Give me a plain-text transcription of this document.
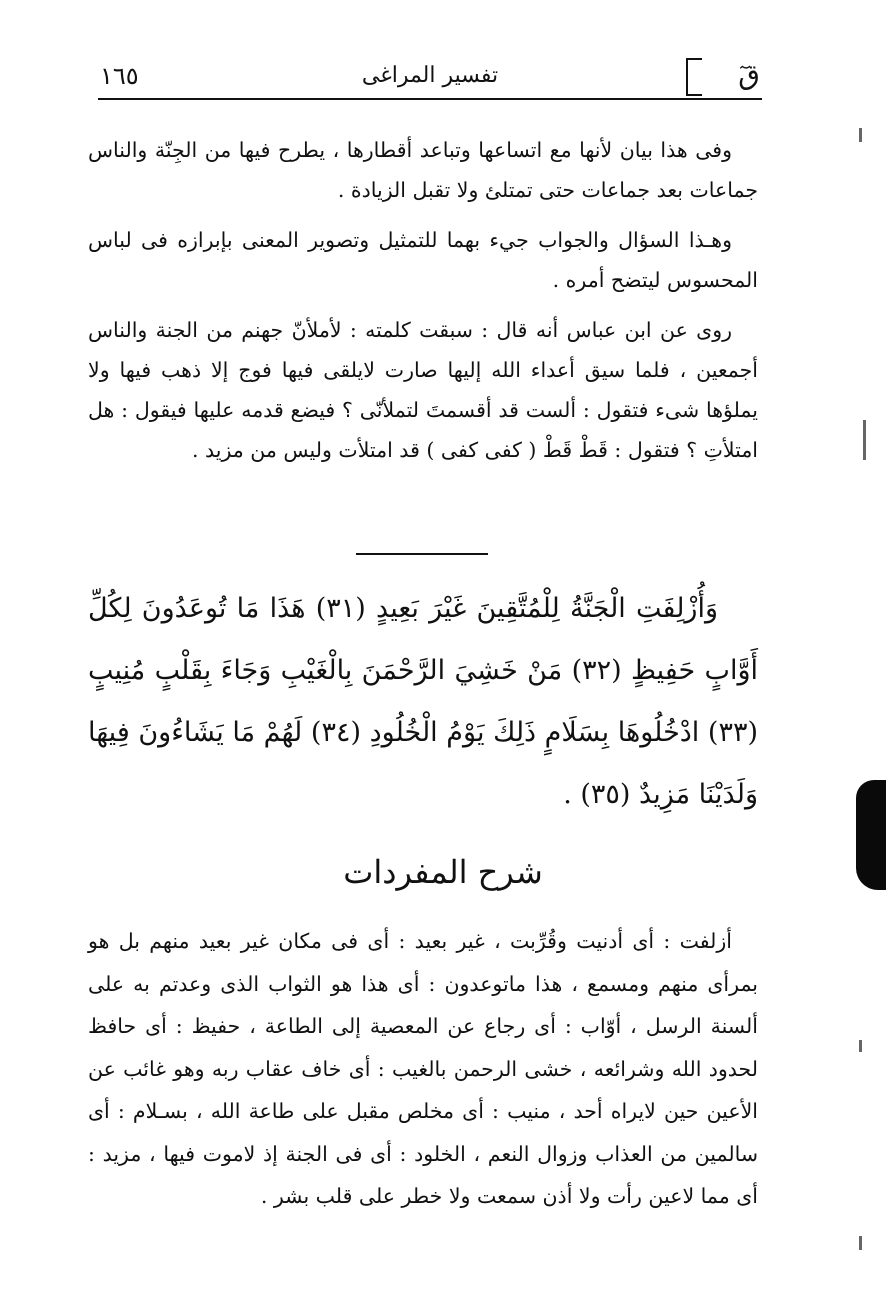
قٓ
تفسير المراغى
١٦٥

وفى هذا بيان لأنها مع اتساعها وتباعد أقطارها ، يطرح فيها من الجِنّة والناس جماعات بعد جماعات حتى تمتلئ ولا تقبل الزيادة .

وهـذا السؤال والجواب جيء بهما للتمثيل وتصوير المعنى بإبرازه فى لباس المحسوس ليتضح أمره .

روى عن ابن عباس أنه قال : سبقت كلمته : لأملأنّ جهنم من الجنة والناس أجمعين ، فلما سيق أعداء الله إليها صارت لايلقى فيها فوج إلا ذهب فيها ولا يملؤها شىء فتقول : ألست قد أقسمتَ لتملأنّى ؟ فيضع قدمه عليها فيقول : هل امتلأتِ ؟ فتقول : قَطْ قَطْ ( كفى كفى ) قد امتلأت وليس من مزيد .

وَأُزْلِفَتِ الْجَنَّةُ لِلْمُتَّقِينَ غَيْرَ بَعِيدٍ (٣١) هَذَا مَا تُوعَدُونَ لِكُلِّ أَوَّابٍ حَفِيظٍ (٣٢) مَنْ خَشِيَ الرَّحْمَنَ بِالْغَيْبِ وَجَاءَ بِقَلْبٍ مُنِيبٍ (٣٣) ادْخُلُوهَا بِسَلَامٍ ذَلِكَ يَوْمُ الْخُلُودِ (٣٤) لَهُمْ مَا يَشَاءُونَ فِيهَا وَلَدَيْنَا مَزِيدٌ (٣٥) .
شرح المفردات

أزلفت : أى أدنيت وقُرِّبت ، غير بعيد : أى فى مكان غير بعيد منهم بل هو بمرأى منهم ومسمع ، هذا ماتوعدون : أى هذا هو الثواب الذى وعدتم به على ألسنة الرسل ، أوّاب : أى رجاع عن المعصية إلى الطاعة ، حفيظ : أى حافظ لحدود الله وشرائعه ، خشى الرحمن بالغيب : أى خاف عقاب ربه وهو غائب عن الأعين حين لايراه أحد ، منيب : أى مخلص مقبل على طاعة الله ، بسـلام : أى سالمين من العذاب وزوال النعم ، الخلود : أى فى الجنة إذ لاموت فيها ، مزيد : أى مما لاعين رأت ولا أذن سمعت ولا خطر على قلب بشر .
